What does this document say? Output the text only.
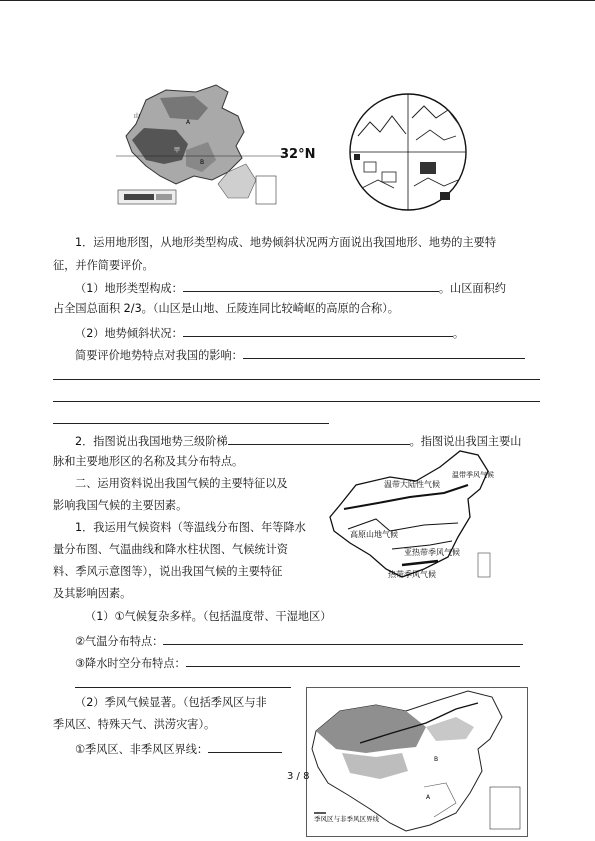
山
A
甲
B
32°N
1．运用地形图，从地形类型构成、地势倾斜状况两方面说出我国地形、地势的主要特
征，并作简要评价。
（1）地形类型构成：	。山区面积约
占全国总面积 2/3。（山区是山地、丘陵连同比较崎岖的高原的合称）。
（2）地势倾斜状况：	。
简要评价地势特点对我国的影响：
2．指图说出我国地势三级阶梯	。指图说出我国主要山
脉和主要地形区的名称及其分布特点。
二、运用资料说出我国气候的主要特征以及
影响我国气候的主要因素。
1．我运用气候资料（等温线分布图、年等降水
量分布图、气温曲线和降水柱状图、气候统计资
料、季风示意图等），说出我国气候的主要特征
及其影响因素。
温带大陆性气候
高原山地气候
亚热带季风气候
热带季风气候
温带季风气候
（1）①气候复杂多样。（包括温度带、干湿地区）
②气温分布特点：
③降水时空分布特点：
（2）季风气候显著。（包括季风区与非
季风区、特殊天气、洪涝灾害）。
①季风区、非季风区界线：
季风区与非季风区界线
B
A
3 / 8
